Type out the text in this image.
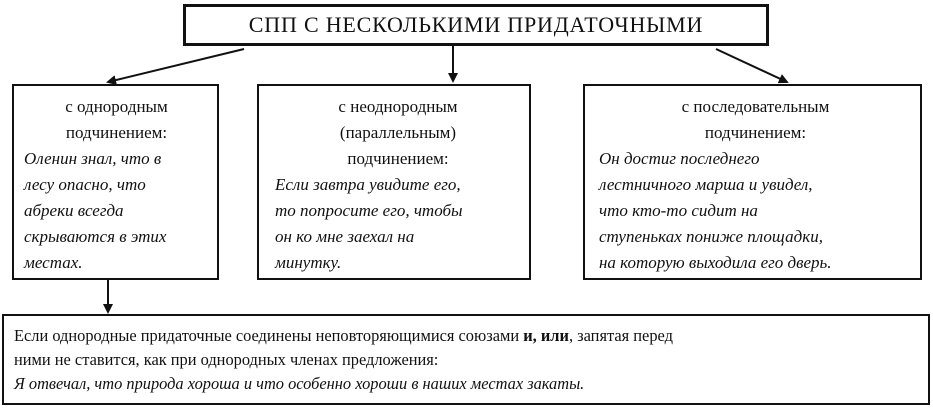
СПП С НЕСКОЛЬКИМИ ПРИДАТОЧНЫМИ
с однородным
подчинением:
Оленин знал, что в
лесу опасно, что
абреки всегда
скрываются в этих
местах.
с неоднородным
(параллельным)
подчинением:
Если завтра увидите его,
то попросите его, чтобы
он ко мне заехал на
минутку.
с последовательным
подчинением:
Он достиг последнего
лестничного марша и увидел,
что кто-то сидит на
ступеньках пониже площадки,
на которую выходила его дверь.
Если однородные придаточные соединены неповторяющимися союзами и, или, запятая перед
ними не ставится, как при однородных членах предложения:
Я отвечал, что природа хороша и что особенно хороши в наших местах закаты.
